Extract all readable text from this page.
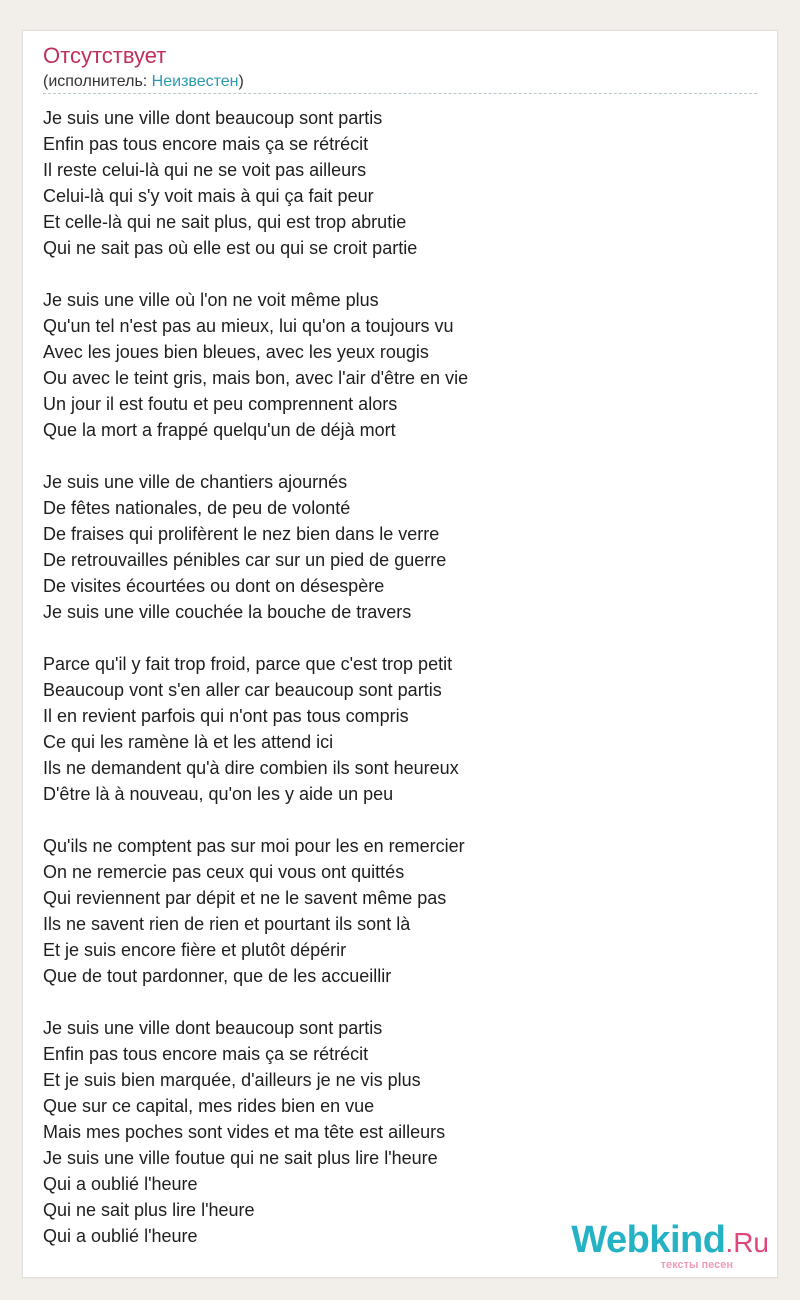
Отсутствует
(исполнитель: Неизвестен)
Je suis une ville dont beaucoup sont partis
Enfin pas tous encore mais ça se rétrécit
Il reste celui-là qui ne se voit pas ailleurs
Celui-là qui s'y voit mais à qui ça fait peur
Et celle-là qui ne sait plus, qui est trop abrutie
Qui ne sait pas où elle est ou qui se croit partie
Je suis une ville où l'on ne voit même plus
Qu'un tel n'est pas au mieux, lui qu'on a toujours vu
Avec les joues bien bleues, avec les yeux rougis
Ou avec le teint gris, mais bon, avec l'air d'être en vie
Un jour il est foutu et peu comprennent alors
Que la mort a frappé quelqu'un de déjà mort
Je suis une ville de chantiers ajournés
De fêtes nationales, de peu de volonté
De fraises qui prolifèrent le nez bien dans le verre
De retrouvailles pénibles car sur un pied de guerre
De visites écourtées ou dont on désespère
Je suis une ville couchée la bouche de travers
Parce qu'il y fait trop froid, parce que c'est trop petit
Beaucoup vont s'en aller car beaucoup sont partis
Il en revient parfois qui n'ont pas tous compris
Ce qui les ramène là et les attend ici
Ils ne demandent qu'à dire combien ils sont heureux
D'être là à nouveau, qu'on les y aide un peu
Qu'ils ne comptent pas sur moi pour les en remercier
On ne remercie pas ceux qui vous ont quittés
Qui reviennent par dépit et ne le savent même pas
Ils ne savent rien de rien et pourtant ils sont là
Et je suis encore fière et plutôt dépérir
Que de tout pardonner, que de les accueillir
Je suis une ville dont beaucoup sont partis
Enfin pas tous encore mais ça se rétrécit
Et je suis bien marquée, d'ailleurs je ne vis plus
Que sur ce capital, mes rides bien en vue
Mais mes poches sont vides et ma tête est ailleurs
Je suis une ville foutue qui ne sait plus lire l'heure
Qui a oublié l'heure
Qui ne sait plus lire l'heure
Qui a oublié l'heure	Webkind.Ru
тексты песен
